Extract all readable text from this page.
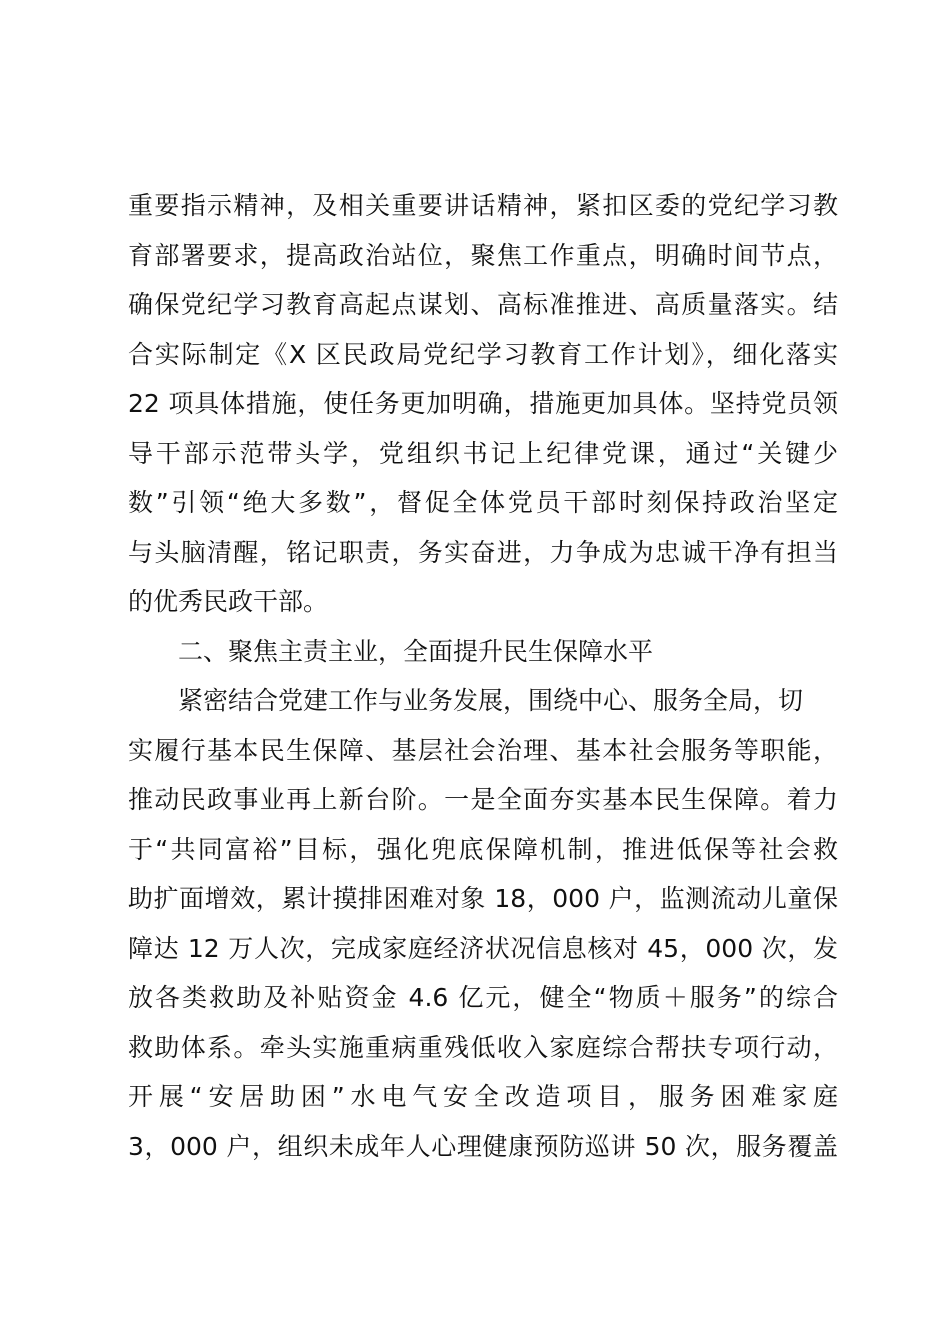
重要指示精神，及相关重要讲话精神，紧扣区委的党纪学习教
育部署要求，提高政治站位，聚焦工作重点，明确时间节点，
确保党纪学习教育高起点谋划、高标准推进、高质量落实。结
合实际制定《X 区民政局党纪学习教育工作计划》，细化落实
22 项具体措施，使任务更加明确，措施更加具体。坚持党员领
导干部示范带头学，党组织书记上纪律党课，通过“关键少
数”引领“绝大多数”，督促全体党员干部时刻保持政治坚定
与头脑清醒，铭记职责，务实奋进，力争成为忠诚干净有担当
的优秀民政干部。
二、聚焦主责主业，全面提升民生保障水平
紧密结合党建工作与业务发展，围绕中心、服务全局，切
实履行基本民生保障、基层社会治理、基本社会服务等职能，
推动民政事业再上新台阶。一是全面夯实基本民生保障。着力
于“共同富裕”目标，强化兜底保障机制，推进低保等社会救
助扩面增效，累计摸排困难对象 18，000 户，监测流动儿童保
障达 12 万人次，完成家庭经济状况信息核对 45，000 次，发
放各类救助及补贴资金 4.6 亿元，健全“物质＋服务”的综合
救助体系。牵头实施重病重残低收入家庭综合帮扶专项行动，
开展“安居助困”水电气安全改造项目，服务困难家庭
3，000 户，组织未成年人心理健康预防巡讲 50 次，服务覆盖
